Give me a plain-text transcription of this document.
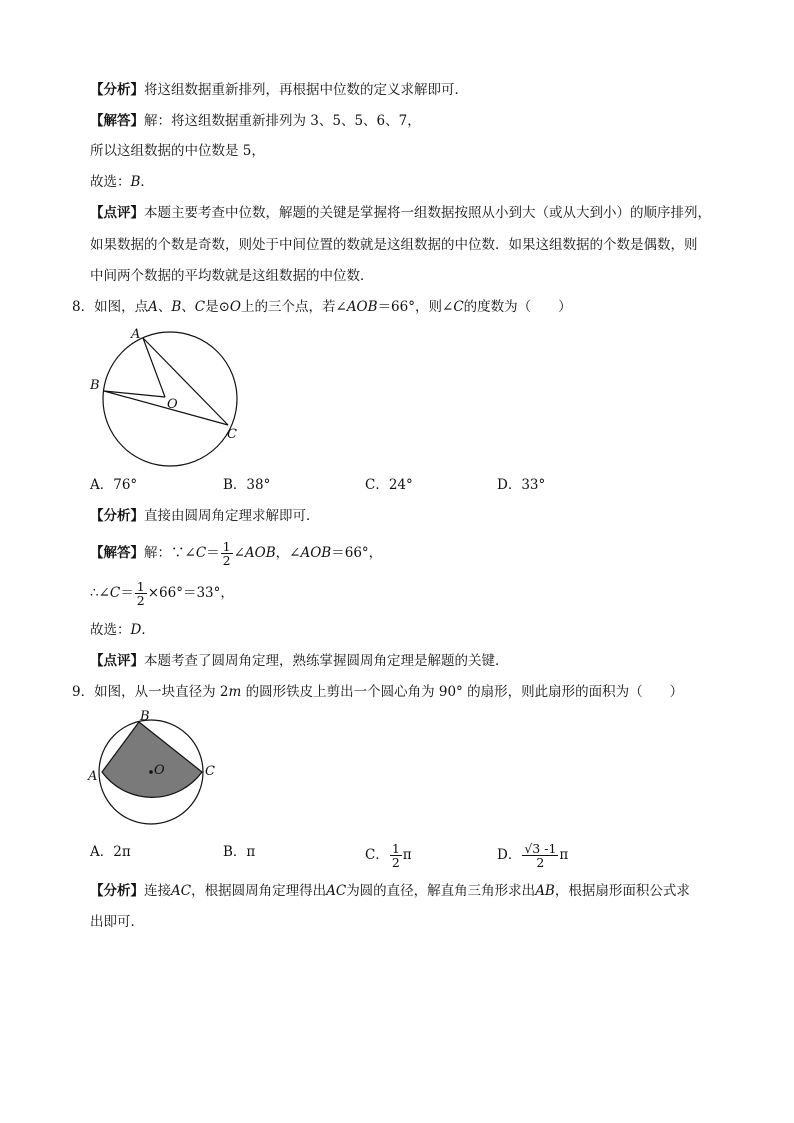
【分析】将这组数据重新排列，再根据中位数的定义求解即可．
【解答】解：将这组数据重新排列为 3、5、5、6、7，
所以这组数据的中位数是 5，
故选：B．
【点评】本题主要考查中位数，解题的关键是掌握将一组数据按照从小到大（或从大到小）的顺序排列，
如果数据的个数是奇数，则处于中间位置的数就是这组数据的中位数．如果这组数据的个数是偶数，则
中间两个数据的平均数就是这组数据的中位数．
8．如图，点A、B、C是⊙O上的三个点，若∠AOB＝66°，则∠C的度数为（　　）
A
B
O
C
A．76°	B．38°	C．24°	D．33°
【分析】直接由圆周角定理求解即可．
【解答】解：∵∠C＝ $\frac{1}{2}$ ∠AOB，∠AOB＝66°，
∴∠C＝ $\frac{1}{2} \times 66^\circ=33^\circ$，
故选：D．
【点评】本题考查了圆周角定理，熟练掌握圆周角定理是解题的关键．
9．如图，从一块直径为 2m 的圆形铁皮上剪出一个圆心角为 90° 的扇形，则此扇形的面积为（　　）
B
A	O	C
A．2π	B．π	C． $\frac{1}{2}$ π	D． $\frac{√3 -1}{2}$ π
【分析】连接AC，根据圆周角定理得出AC为圆的直径，解直角三角形求出AB，根据扇形面积公式求
出即可．
